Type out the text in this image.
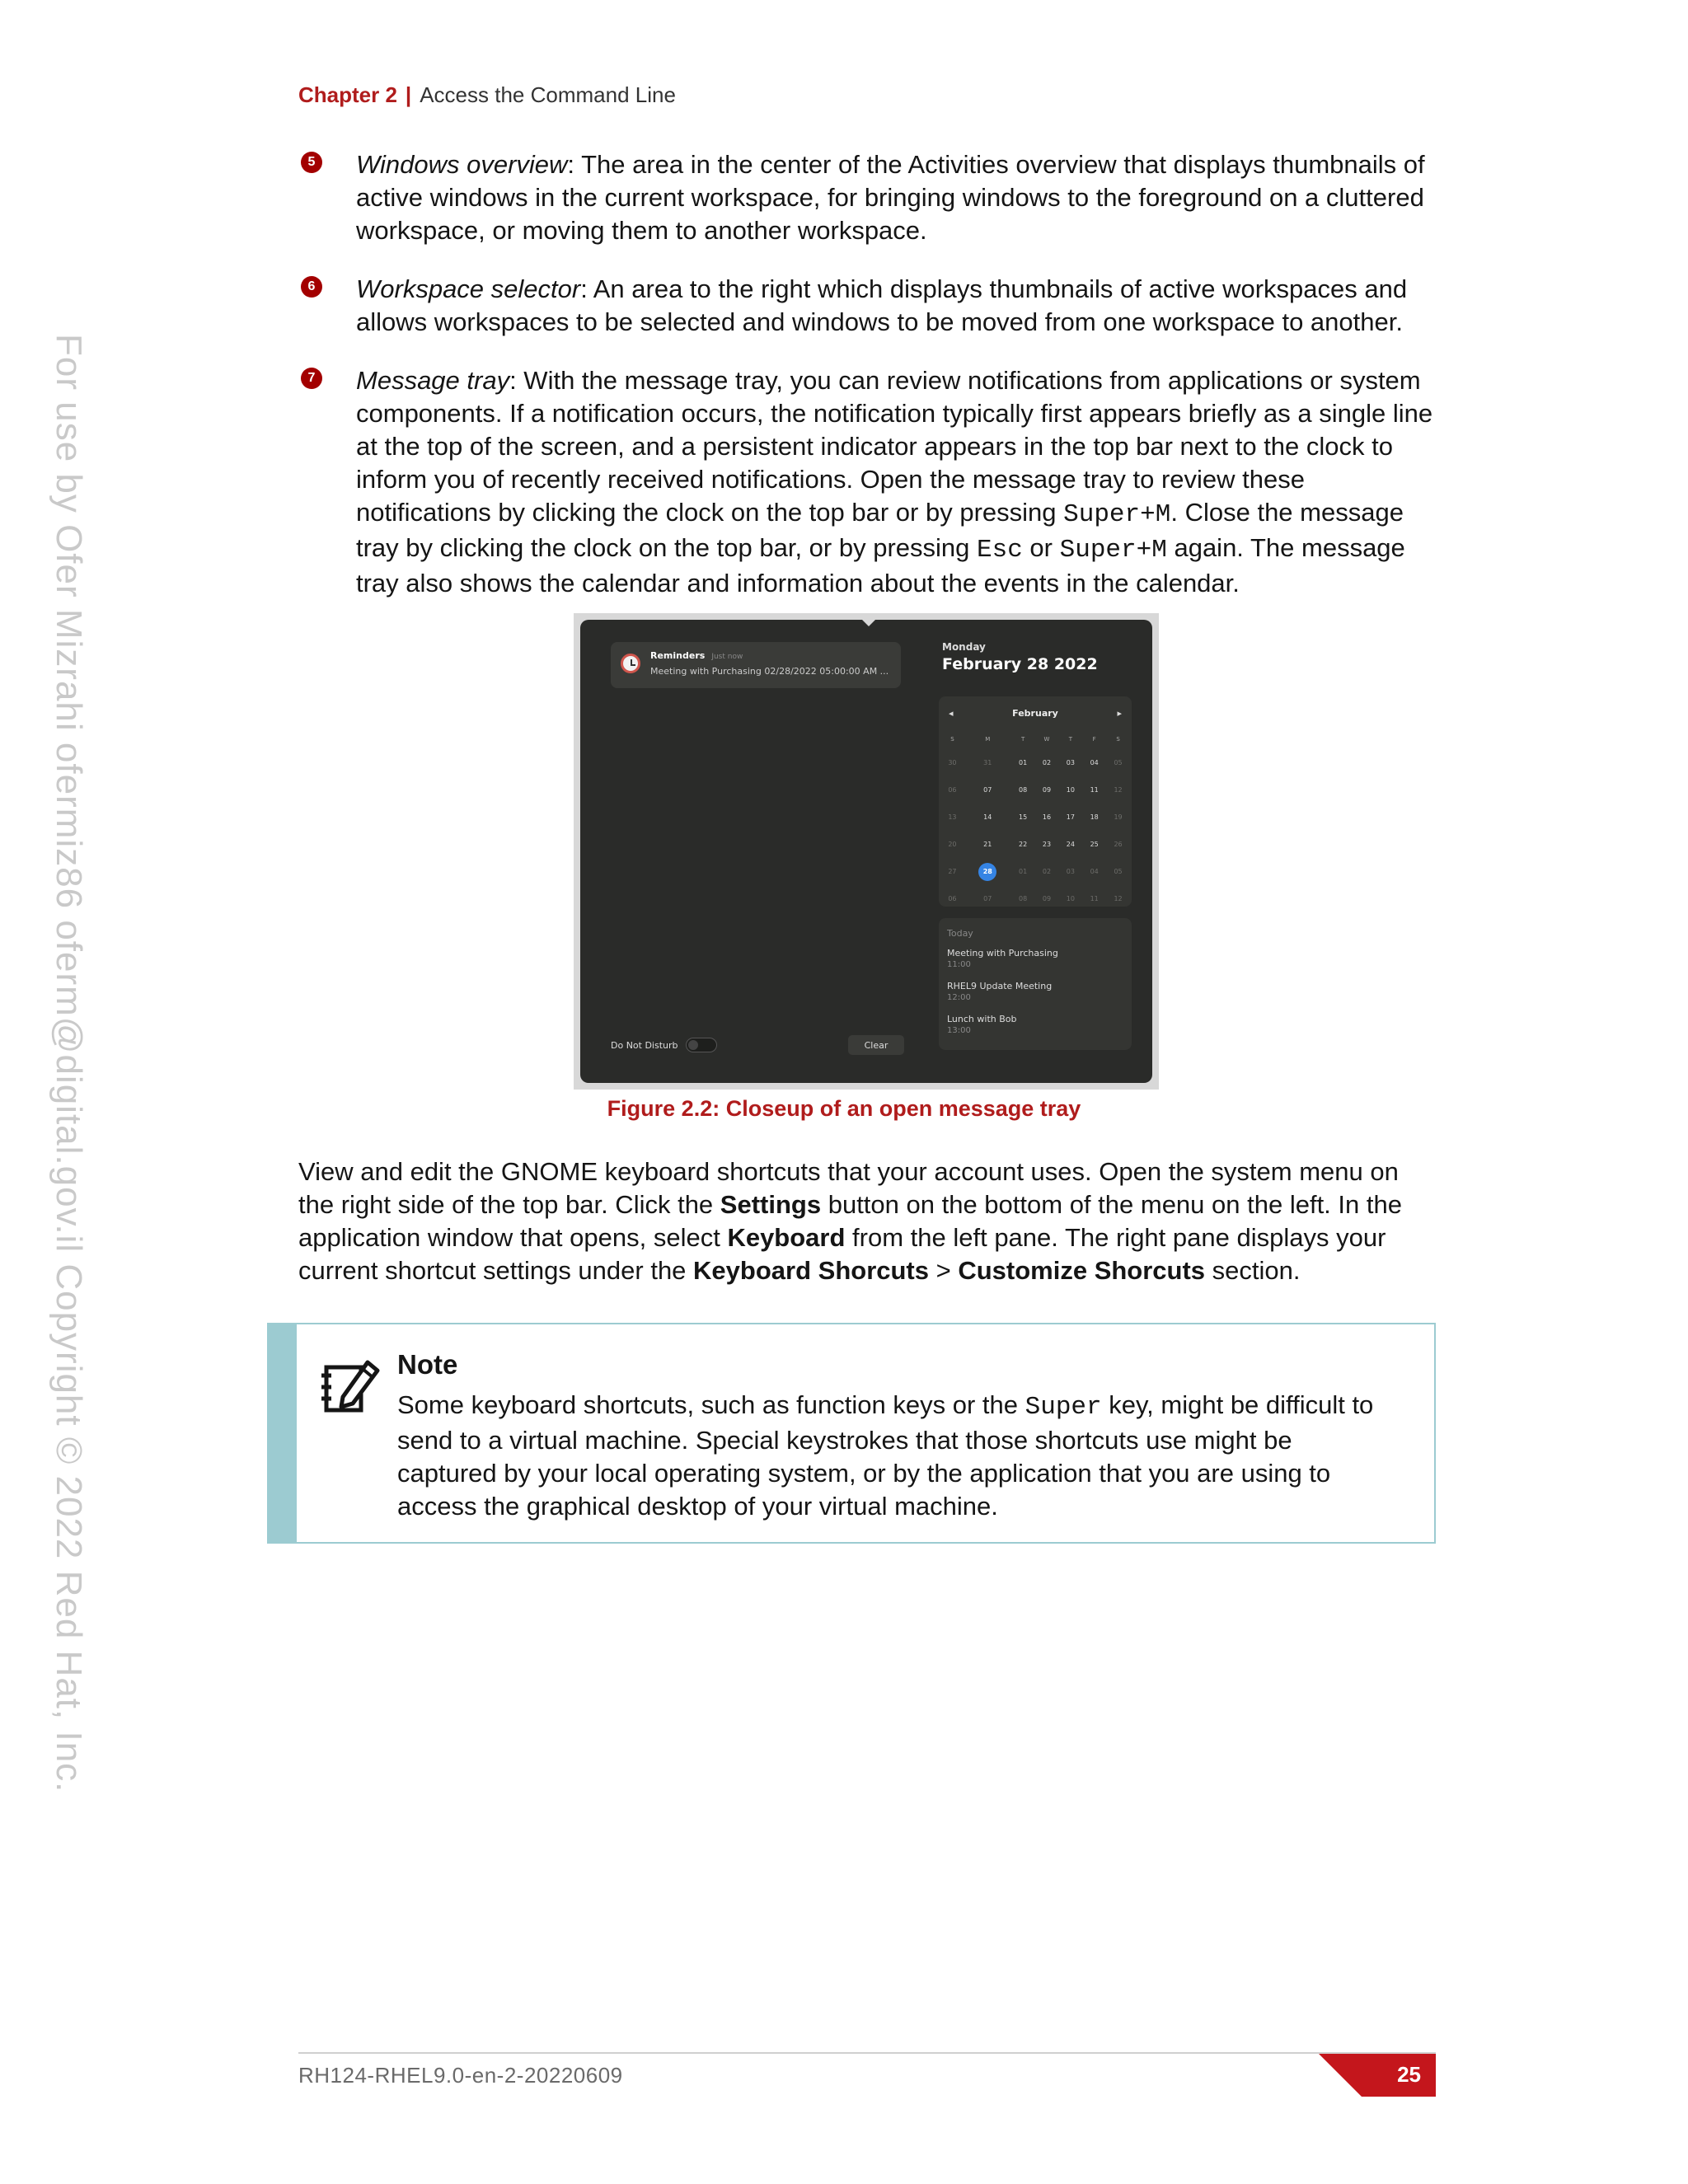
Chapter 2 | Access the Command Line
For use by Ofer Mizrahi ofermiz86 oferm@digital.gov.il Copyright © 2022 Red Hat, Inc.
5 Windows overview: The area in the center of the Activities overview that displays thumbnails of active windows in the current workspace, for bringing windows to the foreground on a cluttered workspace, or moving them to another workspace.
6 Workspace selector: An area to the right which displays thumbnails of active workspaces and allows workspaces to be selected and windows to be moved from one workspace to another.
7 Message tray: With the message tray, you can review notifications from applications or system components. If a notification occurs, the notification typically first appears briefly as a single line at the top of the screen, and a persistent indicator appears in the top bar next to the clock to inform you of recently received notifications. Open the message tray to review these notifications by clicking the clock on the top bar or by pressing Super+M. Close the message tray by clicking the clock on the top bar, or by pressing Esc or Super+M again. The message tray also shows the calendar and information about the events in the calendar.
Reminders Just now
Meeting with Purchasing 02/28/2022 05:00:00 AM ...
Do Not Disturb	Clear
Monday
February 28 2022
◂	February	▸
S	M	T	W	T	F	S
30	31	01	02	03	04	05
06	07	08	09	10	11	12
13	14	15	16	17	18	19
20	21	22	23	24	25	26
27	28	01	02	03	04	05
06	07	08	09	10	11	12
Today
Meeting with Purchasing
11:00
RHEL9 Update Meeting
12:00
Lunch with Bob
13:00
Figure 2.2: Closeup of an open message tray
View and edit the GNOME keyboard shortcuts that your account uses. Open the system menu on the right side of the top bar. Click the Settings button on the bottom of the menu on the left. In the application window that opens, select Keyboard from the left pane. The right pane displays your current shortcut settings under the Keyboard Shorcuts > Customize Shorcuts section.
Note
Some keyboard shortcuts, such as function keys or the Super key, might be difficult to send to a virtual machine. Special keystrokes that those shortcuts use might be captured by your local operating system, or by the application that you are using to access the graphical desktop of your virtual machine.
RH124-RHEL9.0-en-2-20220609	25
